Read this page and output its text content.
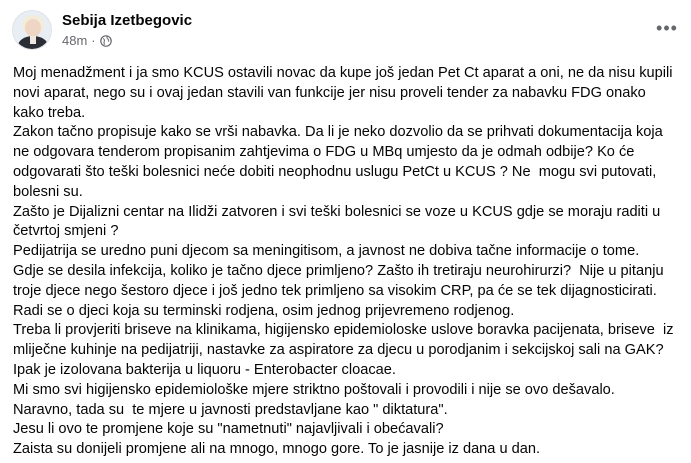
Sebija Izetbegovic
48m ·
•••

Moj menadžment i ja smo KCUS ostavili novac da kupe još jedan Pet Ct aparat a oni, ne da nisu kupili

novi aparat, nego su i ovaj jedan stavili van funkcije jer nisu proveli tender za nabavku FDG onako

kako treba.

Zakon tačno propisuje kako se vrši nabavka. Da li je neko dozvolio da se prihvati dokumentacija koja

ne odgovara tenderom propisanim zahtjevima o FDG u MBq umjesto da je odmah odbije? Ko će

odgovarati što teški bolesnici neće dobiti neophodnu uslugu PetCt u KCUS ? Ne  mogu svi putovati,

bolesni su.

Zašto je Dijalizni centar na Ilidži zatvoren i svi teški bolesnici se voze u KCUS gdje se moraju raditi u

četvrtoj smjeni ?

Pedijatrija se uredno puni djecom sa meningitisom, a javnost ne dobiva tačne informacije o tome.

Gdje se desila infekcija, koliko je tačno djece primljeno? Zašto ih tretiraju neurohirurzi?  Nije u pitanju

troje djece nego šestoro djece i još jedno tek primljeno sa visokim CRP, pa će se tek dijagnosticirati.

Radi se o djeci koja su terminski rodjena, osim jednog prijevremeno rodjenog.

Treba li provjeriti briseve na klinikama, higijensko epidemioloske uslove boravka pacijenata, briseve  iz

mliječne kuhinje na pedijatriji, nastavke za aspiratore za djecu u porodjanim i sekcijskoj sali na GAK?

Ipak je izolovana bakterija u liquoru - Enterobacter cloacae.

Mi smo svi higijensko epidemiološke mjere striktno poštovali i provodili i nije se ovo dešavalo.

Naravno, tada su  te mjere u javnosti predstavljane kao " diktatura".

Jesu li ovo te promjene koje su "nametnuti" najavljivali i obećavali?

Zaista su donijeli promjene ali na mnogo, mnogo gore. To je jasnije iz dana u dan.
